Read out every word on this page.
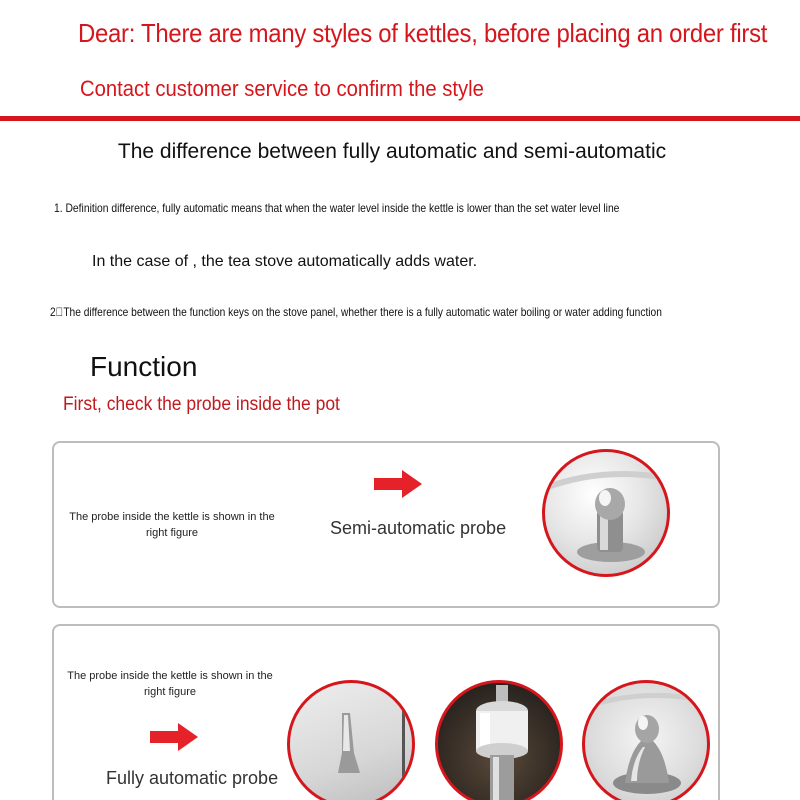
Dear: There are many styles of kettles, before placing an order first
Contact customer service to confirm the style
The difference between fully automatic and semi-automatic
1. Definition difference, fully automatic means that when the water level inside the kettle is lower than the set water level line
In the case of , the tea stove automatically adds water.
2 The difference between the function keys on the stove panel, whether there is a fully automatic water boiling or water adding function
Function
First, check the probe inside the pot
The probe inside the kettle is shown in the right figure	Semi-automatic probe
The probe inside the kettle is shown in the right figure
Fully automatic probe
